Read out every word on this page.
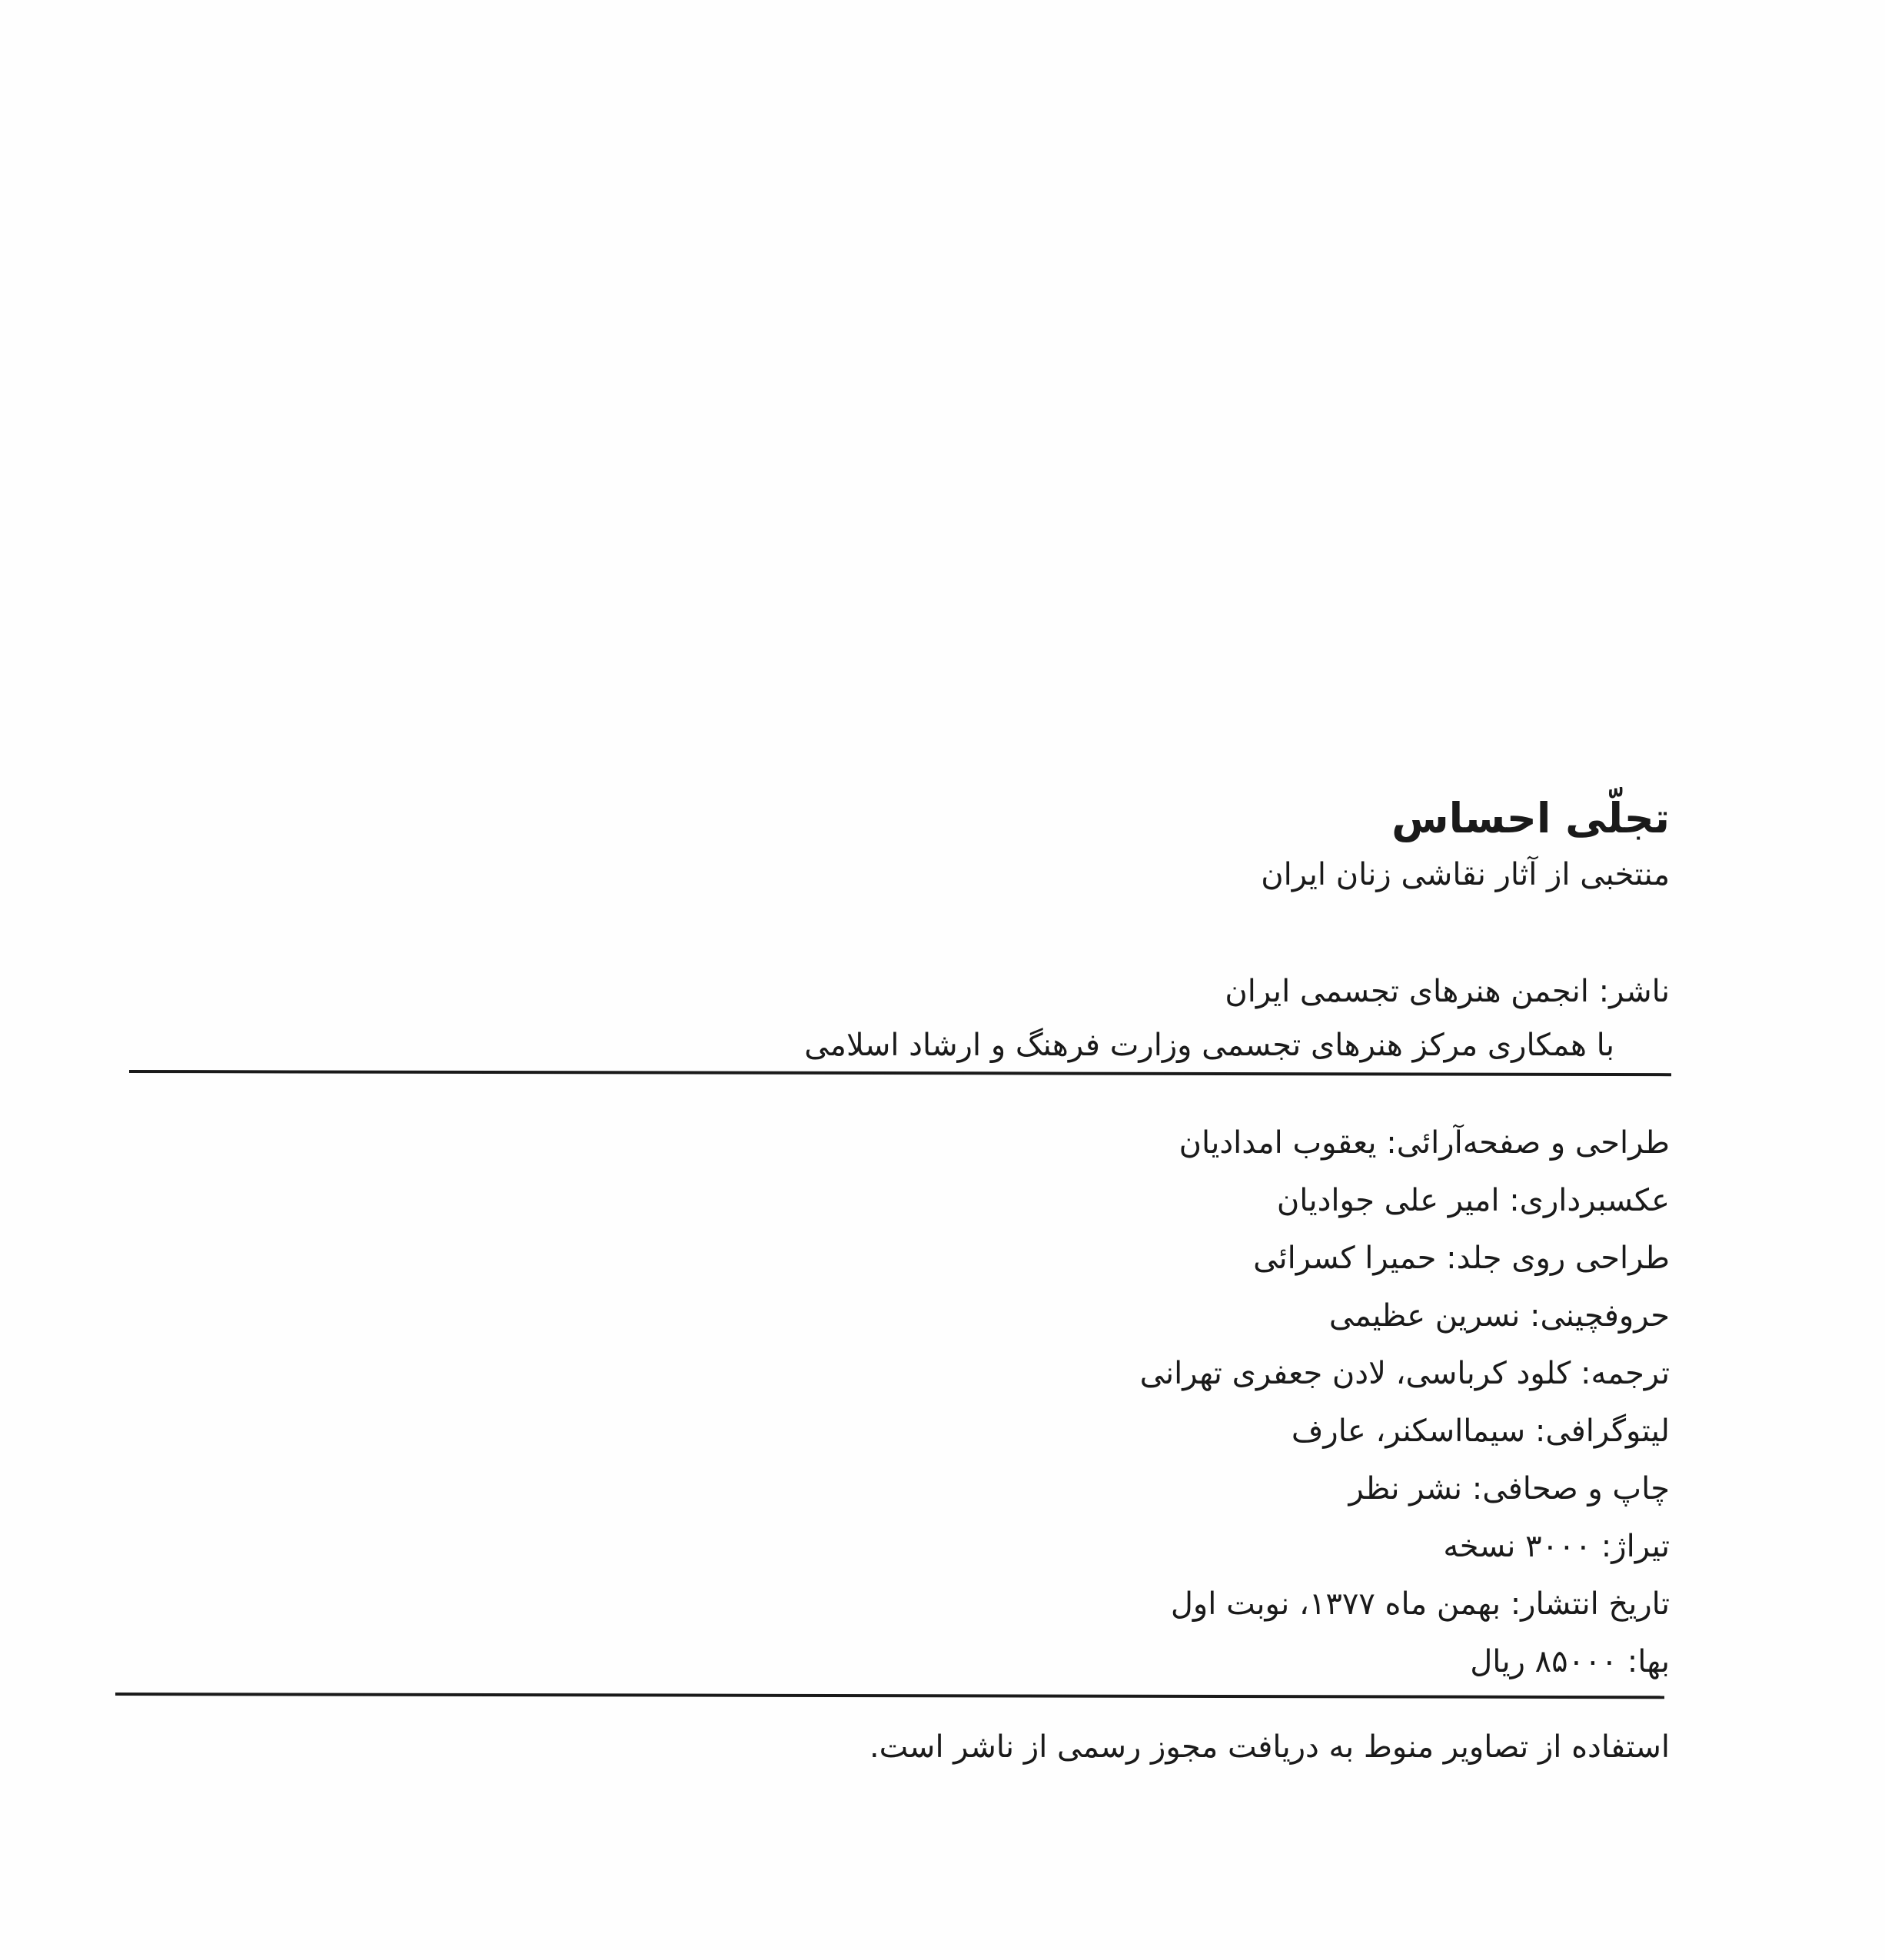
تجلّی احساس
منتخبی از آثار نقاشی زنان ایران
ناشر: انجمن هنرهای تجسمی ایران
با همکاری مرکز هنرهای تجسمی وزارت فرهنگ و ارشاد اسلامی
طراحی و صفحه‌آرائی: یعقوب امدادیان
عکسبرداری: امیر علی جوادیان
طراحی روی جلد: حمیرا کسرائی
حروفچینی: نسرین عظیمی
ترجمه: کلود کرباسی، لادن جعفری تهرانی
لیتوگرافی: سیمااسکنر، عارف
چاپ و صحافی: نشر نظر
تیراژ: ۳۰۰۰ نسخه
تاریخ انتشار: بهمن ماه ۱۳۷۷، نوبت اول
بها: ۸۵۰۰۰ ریال
استفاده از تصاویر منوط به دریافت مجوز رسمی از ناشر است.
